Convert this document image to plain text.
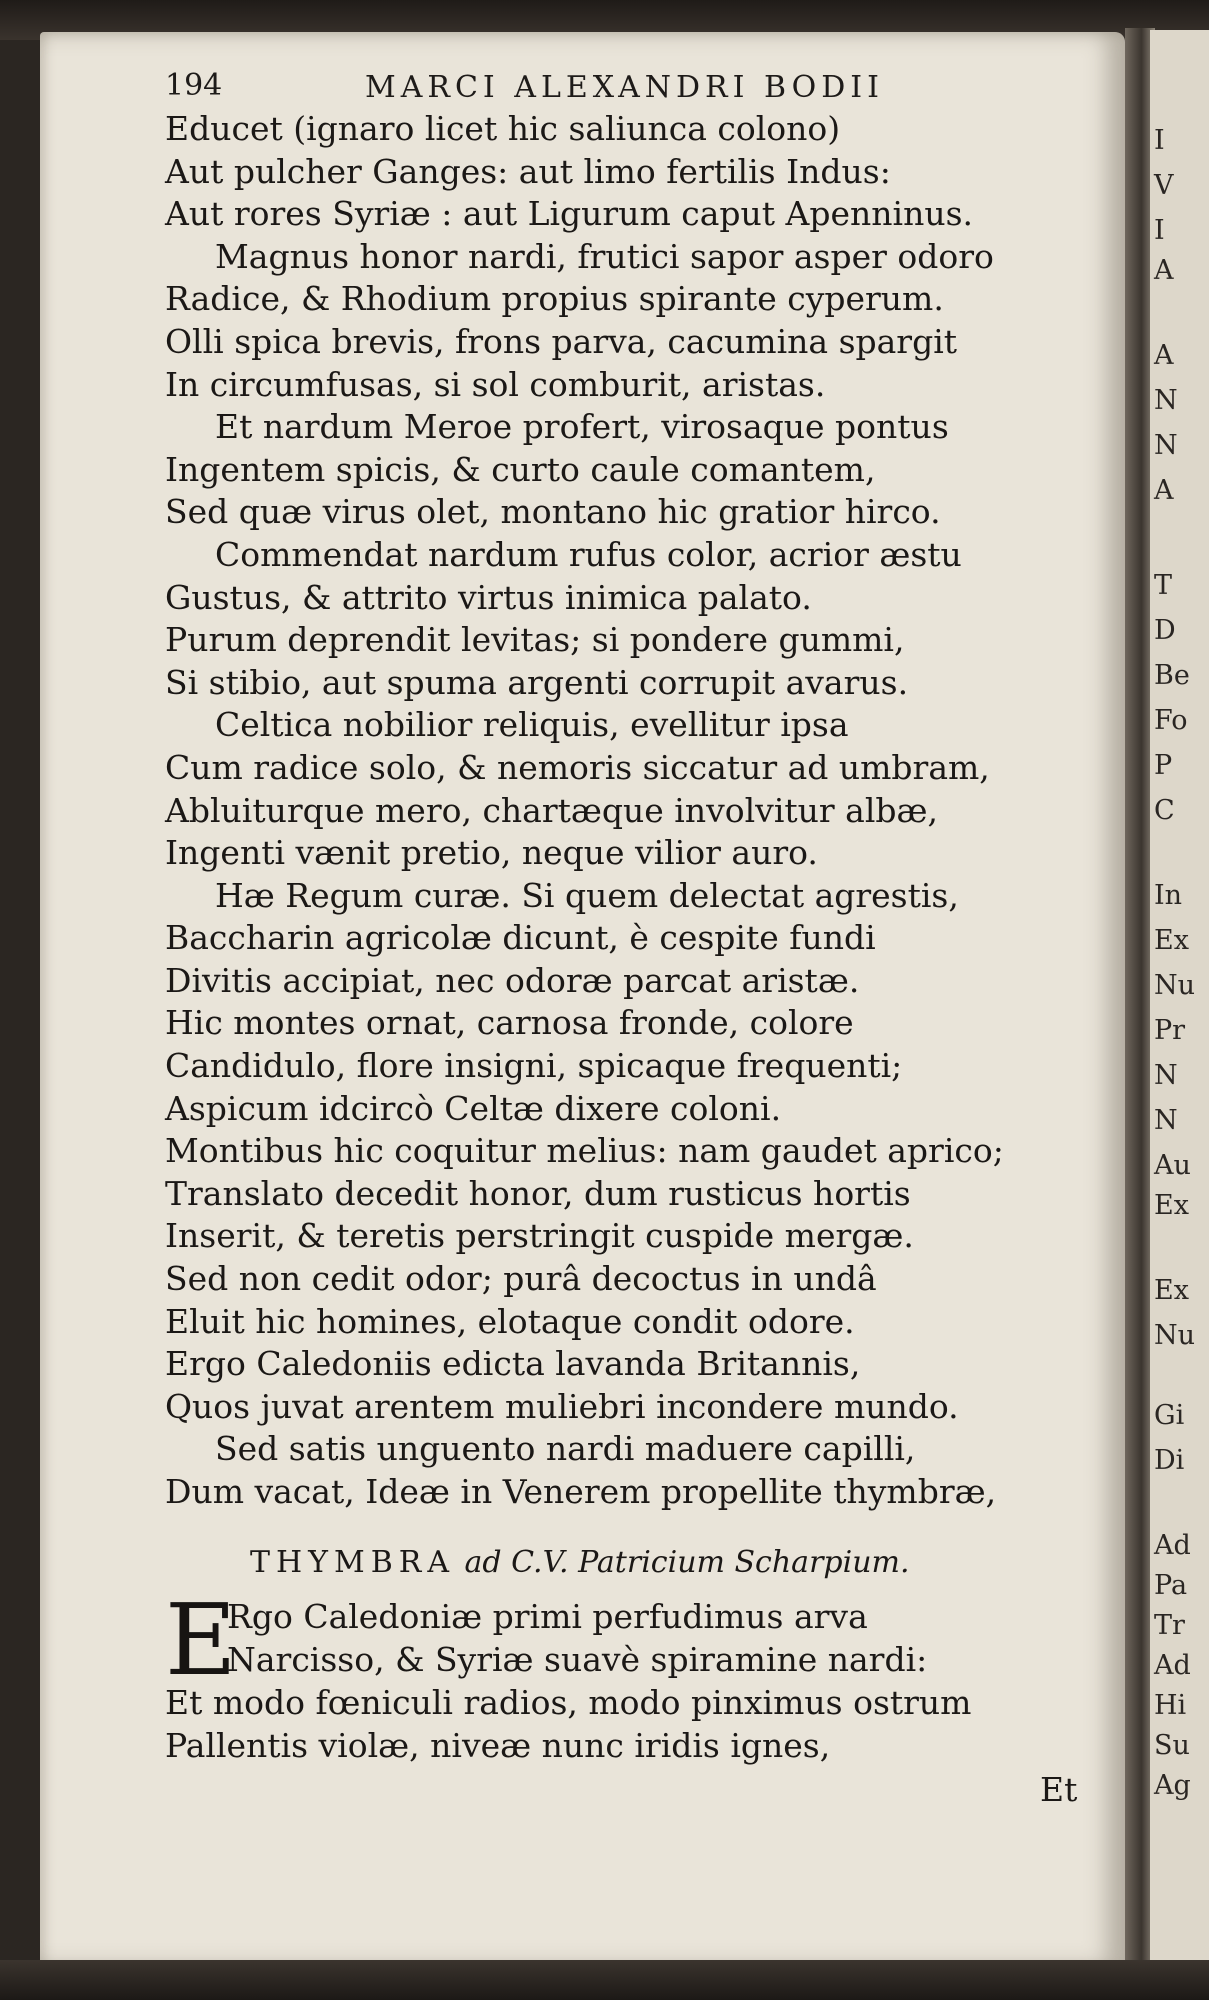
I
V
I
A
A
N
N
A
T
D
Be
Fo
P
C
In
Ex
Nu
Pr
N
N
Au
Ex
Ex
Nu
Gi
Di
Ad
Pa
Tr
Ad
Hi
Su
Ag
194	MARCI ALEXANDRI BODII
Educet (ignaro licet hic saliunca colono)
Aut pulcher Ganges: aut limo fertilis Indus:
Aut rores Syriæ : aut Ligurum caput Apenninus.
Magnus honor nardi, frutici sapor asper odoro
Radice, & Rhodium propius spirante cyperum.
Olli spica brevis, frons parva, cacumina spargit
In circumfusas, si sol comburit, aristas.
Et nardum Meroe profert, virosaque pontus
Ingentem spicis, & curto caule comantem,
Sed quæ virus olet, montano hic gratior hirco.
Commendat nardum rufus color, acrior æstu
Gustus, & attrito virtus inimica palato.
Purum deprendit levitas; si pondere gummi,
Si stibio, aut spuma argenti corrupit avarus.
Celtica nobilior reliquis, evellitur ipsa
Cum radice solo, & nemoris siccatur ad umbram,
Abluiturque mero, chartæque involvitur albæ,
Ingenti vænit pretio, neque vilior auro.
Hæ Regum curæ. Si quem delectat agrestis,
Baccharin agricolæ dicunt, è cespite fundi
Divitis accipiat, nec odoræ parcat aristæ.
Hic montes ornat, carnosa fronde, colore
Candidulo, flore insigni, spicaque frequenti;
Aspicum idcircò Celtæ dixere coloni.
Montibus hic coquitur melius: nam gaudet aprico;
Translato decedit honor, dum rusticus hortis
Inserit, & teretis perstringit cuspide mergæ.
Sed non cedit odor; purâ decoctus in undâ
Eluit hic homines, elotaque condit odore.
Ergo Caledoniis edicta lavanda Britannis,
Quos juvat arentem muliebri incondere mundo.
Sed satis unguento nardi maduere capilli,
Dum vacat, Ideæ in Venerem propellite thymbræ,
THYMBRA ad C.V. Patricium Scharpium.
E
Rgo Caledoniæ primi perfudimus arva
Narcisso, & Syriæ suavè spiramine nardi:
Et modo fœniculi radios, modo pinximus ostrum
Pallentis violæ, niveæ nunc iridis ignes,
Et
